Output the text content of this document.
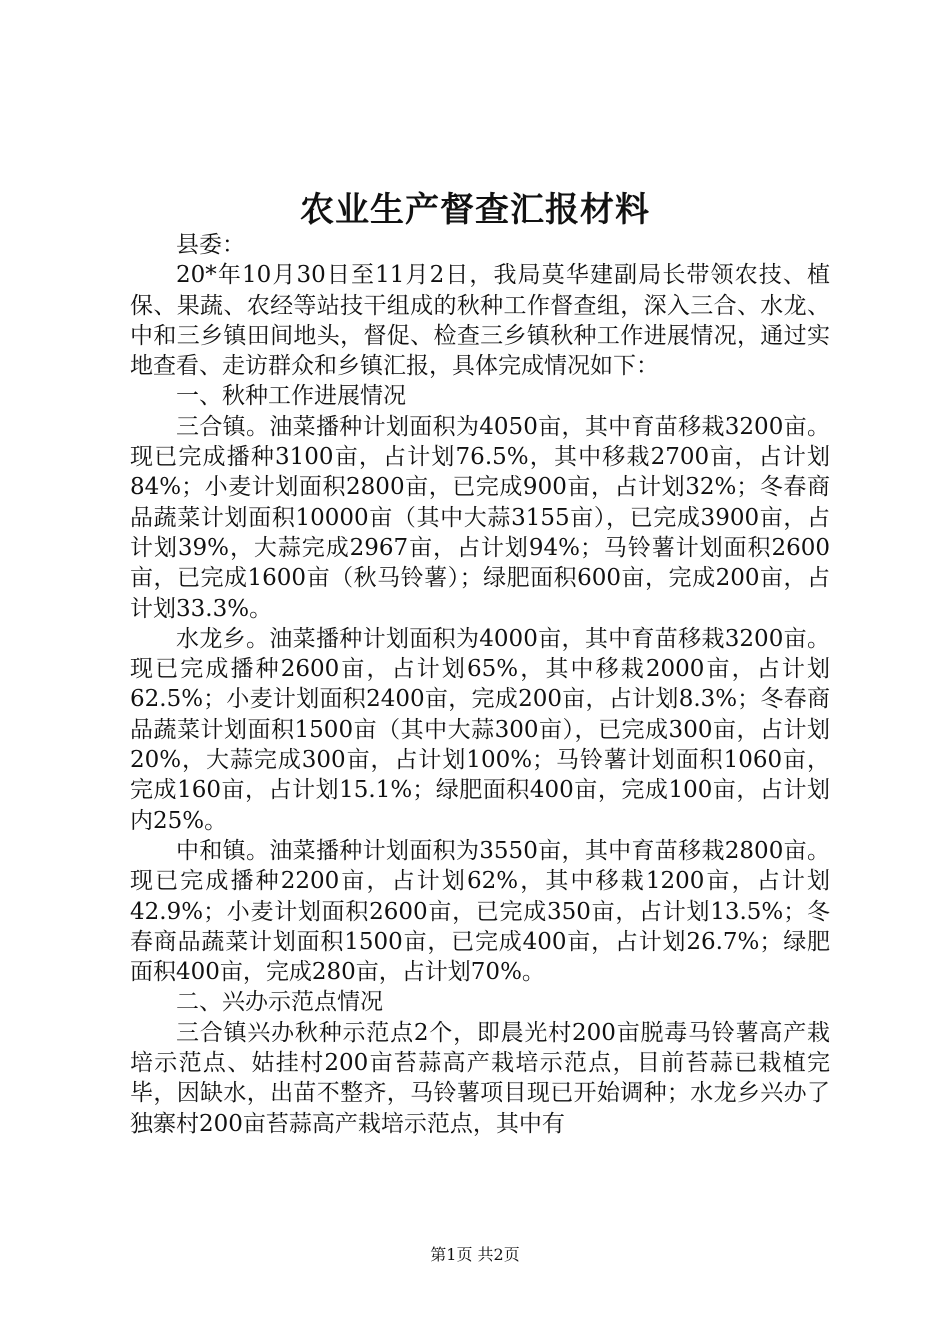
农业生产督查汇报材料

县委：

20*年10月30日至11月2日，我局莫华建副局长带领农技、植保、果蔬、农经等站技干组成的秋种工作督查组，深入三合、水龙、中和三乡镇田间地头，督促、检查三乡镇秋种工作进展情况，通过实地查看、走访群众和乡镇汇报，具体完成情况如下：

一、秋种工作进展情况

三合镇。油菜播种计划面积为4050亩，其中育苗移栽3200亩。现已完成播种3100亩，占计划76.5%，其中移栽2700亩，占计划84%；小麦计划面积2800亩，已完成900亩，占计划32%；冬春商品蔬菜计划面积10000亩（其中大蒜3155亩），已完成3900亩，占计划39%，大蒜完成2967亩，占计划94%；马铃薯计划面积2600亩，已完成1600亩（秋马铃薯）；绿肥面积600亩，完成200亩，占计划33.3%。

水龙乡。油菜播种计划面积为4000亩，其中育苗移栽3200亩。现已完成播种2600亩，占计划65%，其中移栽2000亩，占计划62.5%；小麦计划面积2400亩，完成200亩，占计划8.3%；冬春商品蔬菜计划面积1500亩（其中大蒜300亩），已完成300亩，占计划20%，大蒜完成300亩，占计划100%；马铃薯计划面积1060亩，完成160亩，占计划15.1%；绿肥面积400亩，完成100亩，占计划内25%。

中和镇。油菜播种计划面积为3550亩，其中育苗移栽2800亩。现已完成播种2200亩，占计划62%，其中移栽1200亩，占计划42.9%；小麦计划面积2600亩，已完成350亩，占计划13.5%；冬春商品蔬菜计划面积1500亩，已完成400亩，占计划26.7%；绿肥面积400亩，完成280亩，占计划70%。

二、兴办示范点情况

三合镇兴办秋种示范点2个，即晨光村200亩脱毒马铃薯高产栽培示范点、姑挂村200亩苔蒜高产栽培示范点，目前苔蒜已栽植完毕，因缺水，出苗不整齐，马铃薯项目现已开始调种；水龙乡兴办了独寨村200亩苔蒜高产栽培示范点，其中有

第1页 共2页
